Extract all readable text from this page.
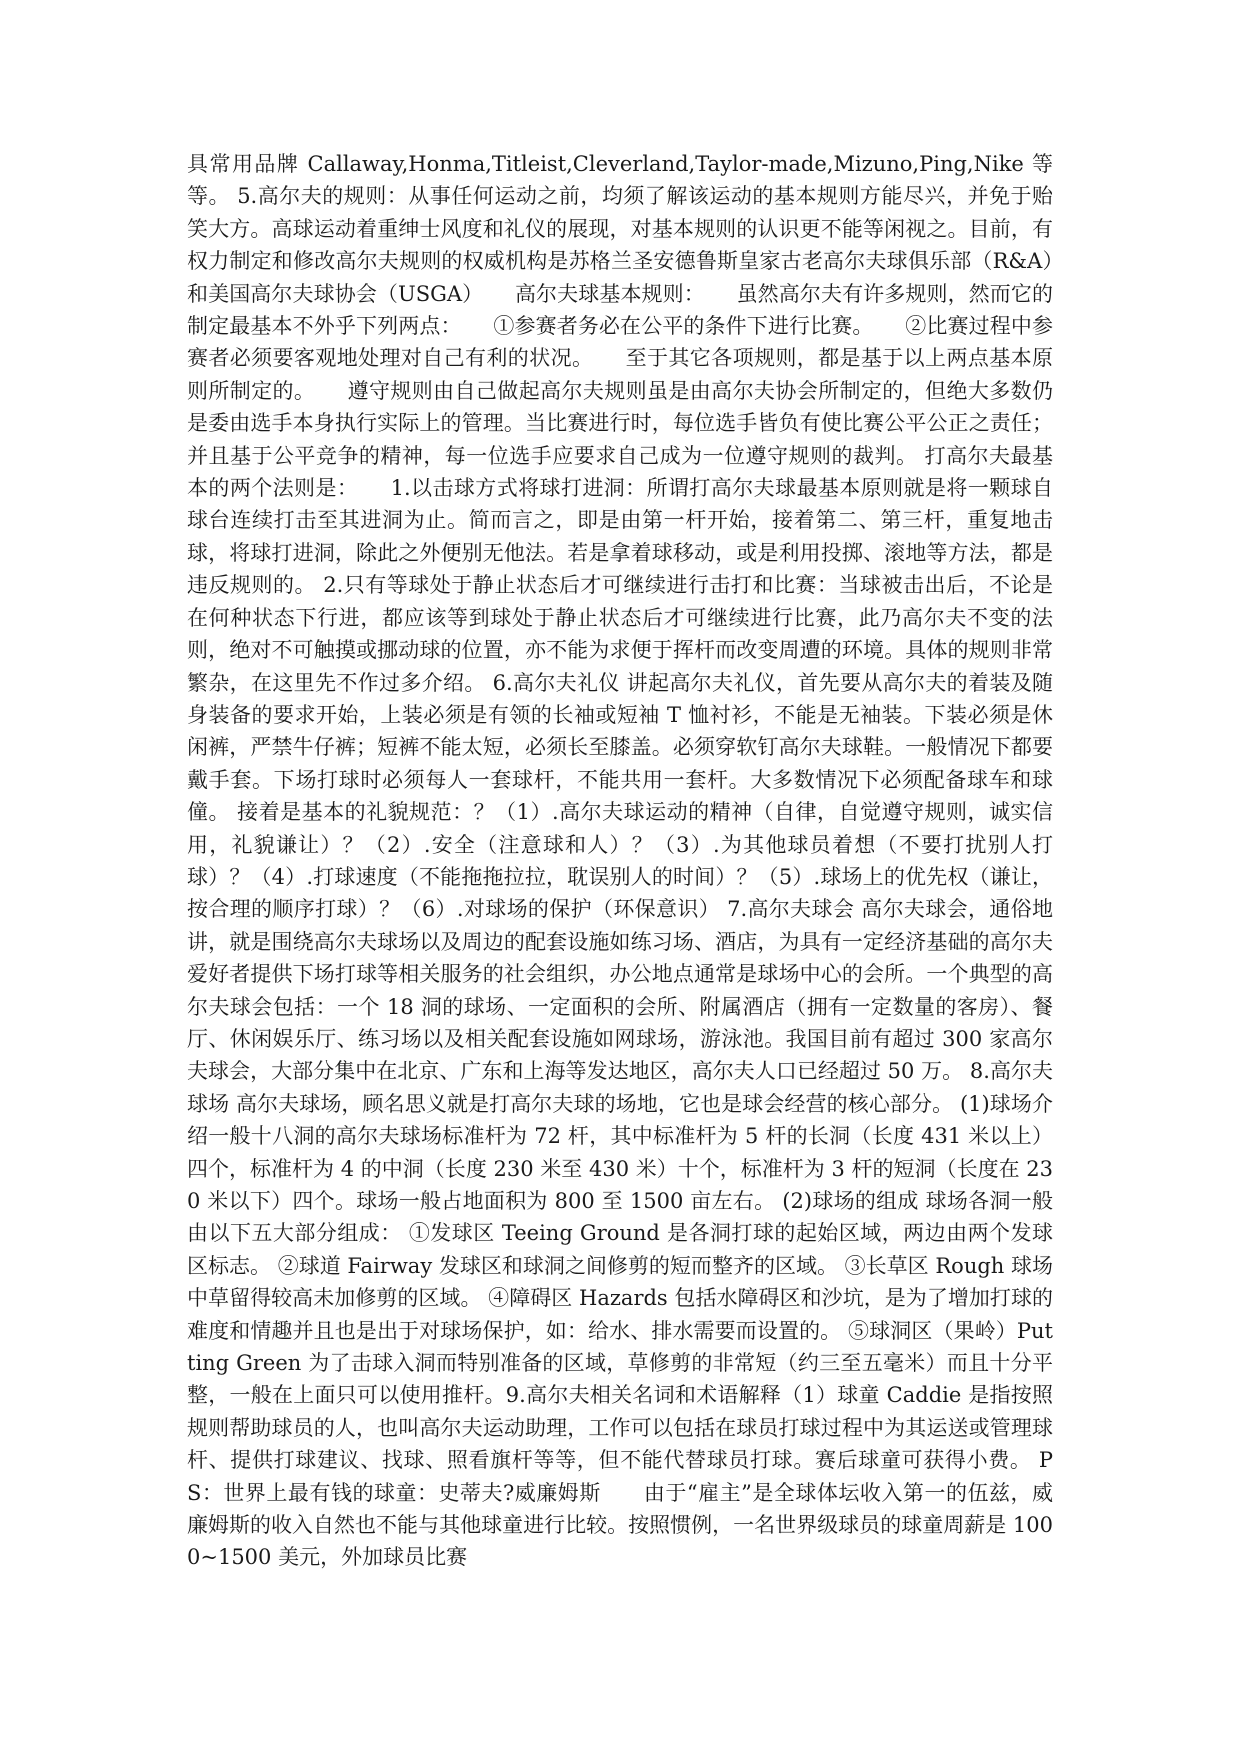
具常用品牌 Callaway,Honma,Titleist,Cleverland,Taylor-made,Mizuno,Ping,Nike 等等。 5.高尔夫的规则：从事任何运动之前，均须了解该运动的基本规则方能尽兴，并免于贻笑大方。高球运动着重绅士风度和礼仪的展现，对基本规则的认识更不能等闲视之。目前，有权力制定和修改高尔夫规则的权威机构是苏格兰圣安德鲁斯皇家古老高尔夫球俱乐部（R&A）和美国高尔夫球协会（USGA）　　高尔夫球基本规则：　　虽然高尔夫有许多规则，然而它的制定最基本不外乎下列两点：　　①参赛者务必在公平的条件下进行比赛。　　②比赛过程中参赛者必须要客观地处理对自己有利的状况。　　至于其它各项规则，都是基于以上两点基本原则所制定的。　　遵守规则由自己做起高尔夫规则虽是由高尔夫协会所制定的，但绝大多数仍是委由选手本身执行实际上的管理。当比赛进行时，每位选手皆负有使比赛公平公正之责任；并且基于公平竞争的精神，每一位选手应要求自己成为一位遵守规则的裁判。 打高尔夫最基本的两个法则是：　　1.以击球方式将球打进洞：所谓打高尔夫球最基本原则就是将一颗球自球台连续打击至其进洞为止。简而言之，即是由第一杆开始，接着第二、第三杆，重复地击球，将球打进洞，除此之外便别无他法。若是拿着球移动，或是利用投掷、滚地等方法，都是违反规则的。 2.只有等球处于静止状态后才可继续进行击打和比赛：当球被击出后，不论是在何种状态下行进，都应该等到球处于静止状态后才可继续进行比赛，此乃高尔夫不变的法则，绝对不可触摸或挪动球的位置，亦不能为求便于挥杆而改变周遭的环境。具体的规则非常繁杂，在这里先不作过多介绍。 6.高尔夫礼仪 讲起高尔夫礼仪，首先要从高尔夫的着装及随身装备的要求开始，上装必须是有领的长袖或短袖 T 恤衬衫，不能是无袖装。下装必须是休闲裤，严禁牛仔裤；短裤不能太短，必须长至膝盖。必须穿软钉高尔夫球鞋。一般情况下都要戴手套。下场打球时必须每人一套球杆，不能共用一套杆。大多数情况下必须配备球车和球僮。 接着是基本的礼貌规范：？（1）.高尔夫球运动的精神（自律，自觉遵守规则，诚实信用，礼貌谦让）？（2）.安全（注意球和人）？（3）.为其他球员着想（不要打扰别人打球）？（4）.打球速度（不能拖拖拉拉，耽误别人的时间）？（5）.球场上的优先权（谦让，按合理的顺序打球）？（6）.对球场的保护（环保意识） 7.高尔夫球会 高尔夫球会，通俗地讲，就是围绕高尔夫球场以及周边的配套设施如练习场、酒店，为具有一定经济基础的高尔夫爱好者提供下场打球等相关服务的社会组织，办公地点通常是球场中心的会所。一个典型的高尔夫球会包括：一个 18 洞的球场、一定面积的会所、附属酒店（拥有一定数量的客房）、餐厅、休闲娱乐厅、练习场以及相关配套设施如网球场，游泳池。我国目前有超过 300 家高尔夫球会，大部分集中在北京、广东和上海等发达地区，高尔夫人口已经超过 50 万。 8.高尔夫球场 高尔夫球场，顾名思义就是打高尔夫球的场地，它也是球会经营的核心部分。 (1)球场介绍一般十八洞的高尔夫球场标准杆为 72 杆，其中标准杆为 5 杆的长洞（长度 431 米以上）四个，标准杆为 4 的中洞（长度 230 米至 430 米）十个，标准杆为 3 杆的短洞（长度在 230 米以下）四个。球场一般占地面积为 800 至 1500 亩左右。 (2)球场的组成 球场各洞一般由以下五大部分组成： ①发球区 Teeing Ground 是各洞打球的起始区域，两边由两个发球区标志。 ②球道 Fairway 发球区和球洞之间修剪的短而整齐的区域。 ③长草区 Rough 球场中草留得较高未加修剪的区域。 ④障碍区 Hazards 包括水障碍区和沙坑，是为了增加打球的难度和情趣并且也是出于对球场保护，如：给水、排水需要而设置的。 ⑤球洞区（果岭）Putting Green 为了击球入洞而特别准备的区域，草修剪的非常短（约三至五毫米）而且十分平整，一般在上面只可以使用推杆。9.高尔夫相关名词和术语解释（1）球童 Caddie 是指按照规则帮助球员的人，也叫高尔夫运动助理，工作可以包括在球员打球过程中为其运送或管理球杆、提供打球建议、找球、照看旗杆等等，但不能代替球员打球。赛后球童可获得小费。 PS：世界上最有钱的球童：史蒂夫?威廉姆斯　　由于“雇主”是全球体坛收入第一的伍兹，威廉姆斯的收入自然也不能与其他球童进行比较。按照惯例，一名世界级球员的球童周薪是 1000~1500 美元，外加球员比赛
